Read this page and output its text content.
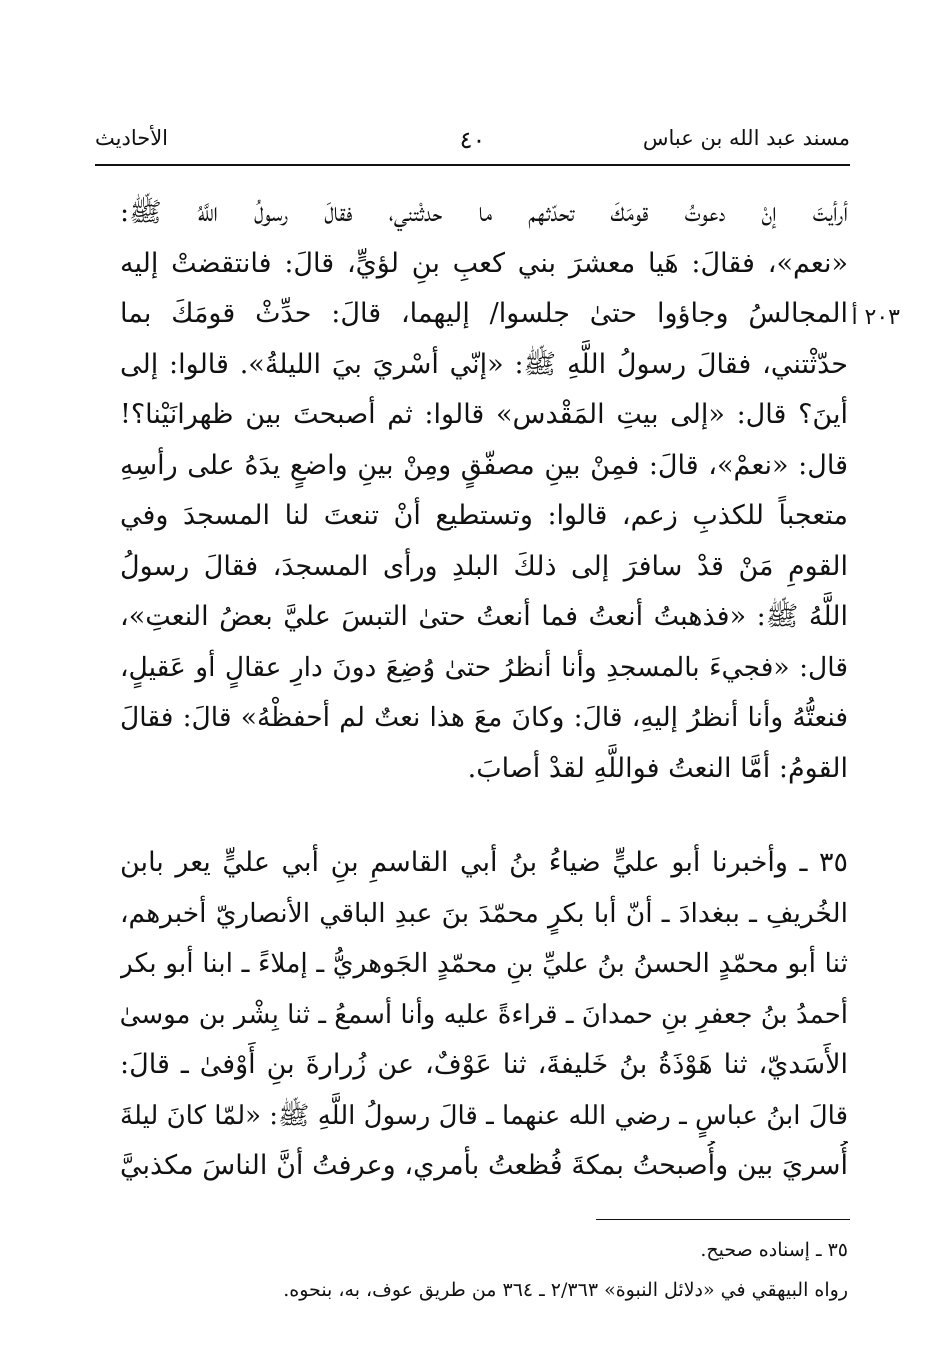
مسند عبد الله بن عباس
٤٠
الأحاديث
٢٠٣ أ
أرأيتَ إنْ دعوتُ قومَكَ تحدّثهم ما حدثْتني، فقالَ رسولُ اللَّهُ ﷺ:
«نعم»، فقالَ: هَيا معشرَ بني كعبِ بنِ لؤيٍّ، قالَ: فانتقضتْ إليه
المجالسُ وجاؤوا حتىٰ جلسوا/ إليهما، قالَ: حدِّثْ قومَكَ بما
حدّثْتني، فقالَ رسولُ اللَّهِ ﷺ: «إنّي أسْريَ بيَ الليلةُ». قالوا: إلى
أينَ؟ قال: «إلى بيتِ المَقْدس» قالوا: ثم أصبحتَ بين ظهرانَيْنا؟!
قال: «نعمْ»، قالَ: فمِنْ بينِ مصفّقٍ ومِنْ بينِ واضعٍ يدَهُ على رأسِهِ
متعجباً للكذبِ زعم، قالوا: وتستطيع أنْ تنعتَ لنا المسجدَ وفي
القومِ مَنْ قدْ سافرَ إلى ذلكَ البلدِ ورأى المسجدَ، فقالَ رسولُ
اللَّهُ ﷺ: «فذهبتُ أنعتُ فما أنعتُ حتىٰ التبسَ عليَّ بعضُ النعتِ»،
قال: «فجيءَ بالمسجدِ وأنا أنظرُ حتىٰ وُضِعَ دونَ دارِ عقالٍ أو عَقيلٍ،
فنعتُّهُ وأنا أنظرُ إليهِ، قالَ: وكانَ معَ هذا نعتٌ لم أحفظْهُ» قالَ: فقالَ
القومُ: أمَّا النعتُ فواللَّهِ لقدْ أصابَ.
٣٥ ـ وأخبرنا أبو عليٍّ ضياءُ بنُ أبي القاسمِ بنِ أبي عليٍّ يعر بابن
الخُريفِ ـ ببغدادَ ـ أنّ أبا بكرٍ محمّدَ بنَ عبدِ الباقي الأنصاريّ أخبرهم،
ثنا أبو محمّدٍ الحسنُ بنُ عليِّ بنِ محمّدٍ الجَوهريُّ ـ إملاءً ـ ابنا أبو بكر
أحمدُ بنُ جعفرِ بنِ حمدانَ ـ قراءةً عليه وأنا أسمعُ ـ ثنا بِشْر بن موسىٰ
الأَسَديّ، ثنا هَوْذَةُ بنُ خَليفةَ، ثنا عَوْفٌ، عن زُرارةَ بنِ أَوْفىٰ ـ قالَ:
قالَ ابنُ عباسٍ ـ رضي الله عنهما ـ قالَ رسولُ اللَّهِ ﷺ: «لمّا كانَ ليلةَ
أُسريَ بين وأُصبحتُ بمكةَ فُظعتُ بأمري، وعرفتُ أنَّ الناسَ مكذبيَّ
٣٥ ـ إسناده صحيح.
رواه البيهقي في «دلائل النبوة» ٢/٣٦٣ ـ ٣٦٤ من طريق عوف، به، بنحوه.
